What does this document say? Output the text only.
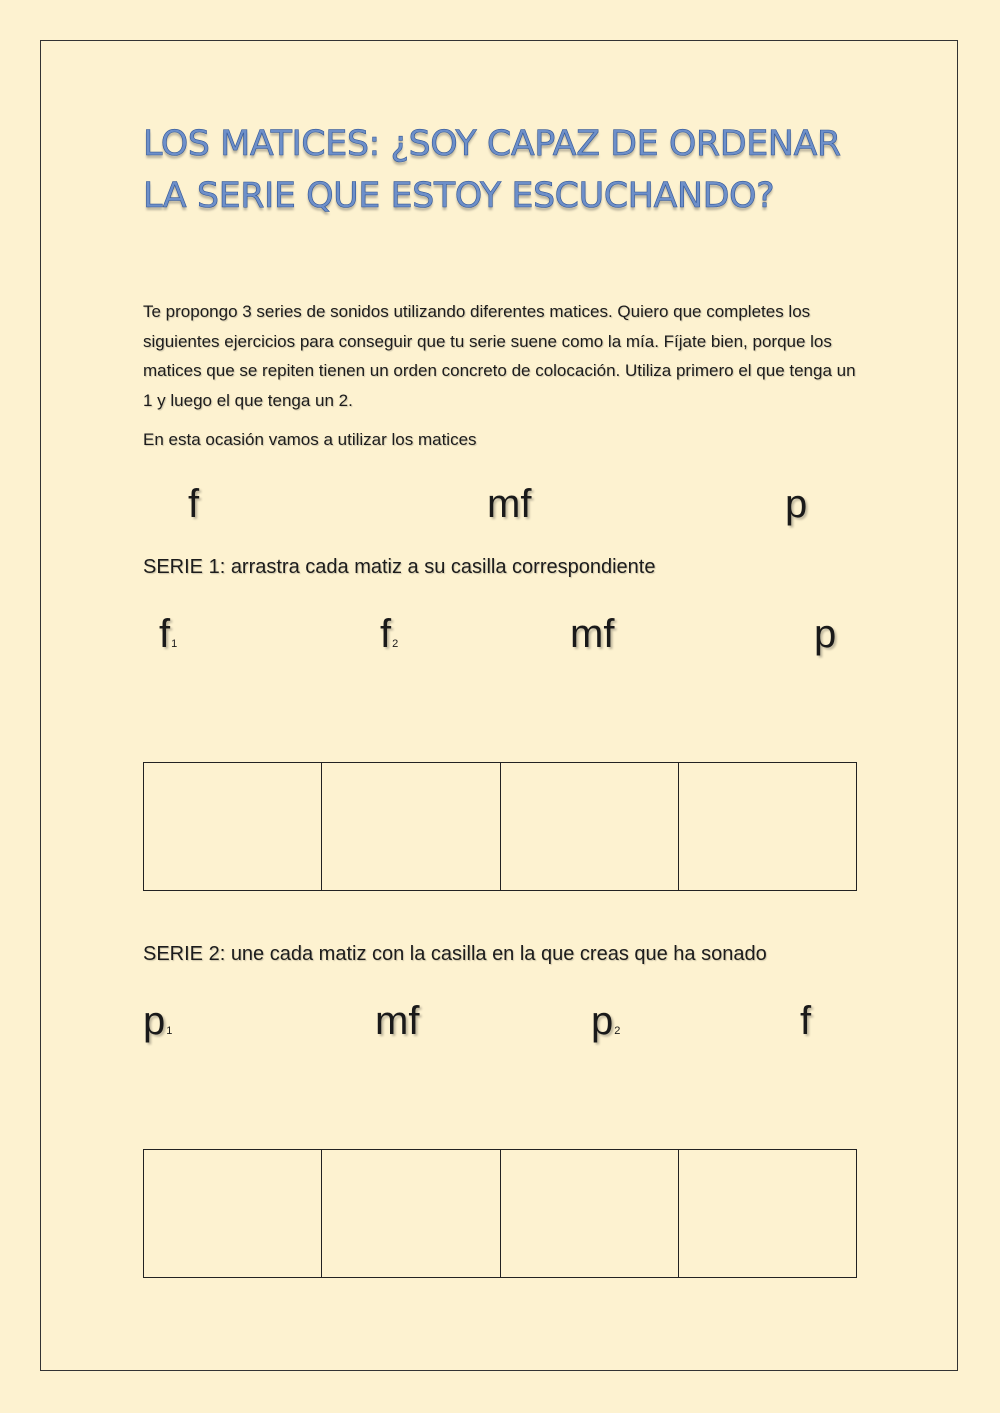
LOS MATICES: ¿SOY CAPAZ DE ORDENAR LA SERIE QUE ESTOY ESCUCHANDO?

Te propongo 3 series de sonidos utilizando diferentes matices. Quiero que completes los siguientes ejercicios para conseguir que tu serie suene como la mía. Fíjate bien, porque los matices que se repiten tienen un orden concreto de colocación. Utiliza primero el que tenga un 1 y luego el que tenga un 2.

En esta ocasión vamos a utilizar los matices

f	mf	p
SERIE 1: arrastra cada matiz a su casilla correspondiente
f1	f2	mf	p
SERIE 2: une cada matiz con la casilla en la que creas que ha sonado
p1	mf	p2	f
